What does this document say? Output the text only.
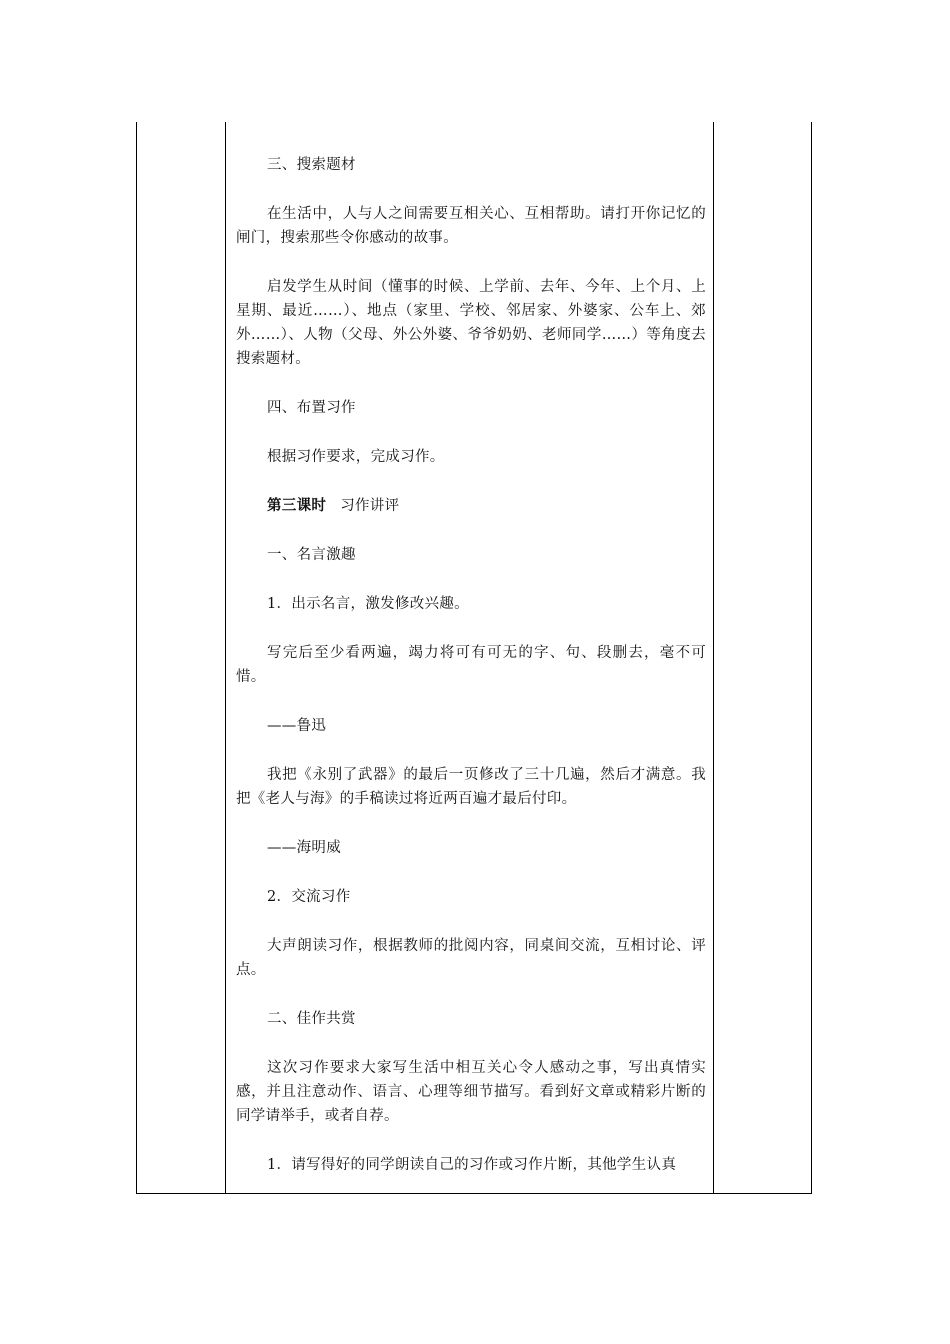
三、搜索题材

在生活中，人与人之间需要互相关心、互相帮助。请打开你记忆的闸门，搜索那些令你感动的故事。

启发学生从时间（懂事的时候、上学前、去年、今年、上个月、上星期、最近……）、地点（家里、学校、邻居家、外婆家、公车上、郊外……）、人物（父母、外公外婆、爷爷奶奶、老师同学……）等角度去搜索题材。

四、布置习作

根据习作要求，完成习作。

第三课时 习作讲评

一、名言激趣

1．出示名言，激发修改兴趣。

写完后至少看两遍，竭力将可有可无的字、句、段删去，毫不可惜。

——鲁迅

我把《永别了武器》的最后一页修改了三十几遍，然后才满意。我把《老人与海》的手稿读过将近两百遍才最后付印。

——海明威

2．交流习作

大声朗读习作，根据教师的批阅内容，同桌间交流，互相讨论、评点。

二、佳作共赏

这次习作要求大家写生活中相互关心令人感动之事，写出真情实感，并且注意动作、语言、心理等细节描写。看到好文章或精彩片断的同学请举手，或者自荐。

1．请写得好的同学朗读自己的习作或习作片断，其他学生认真
